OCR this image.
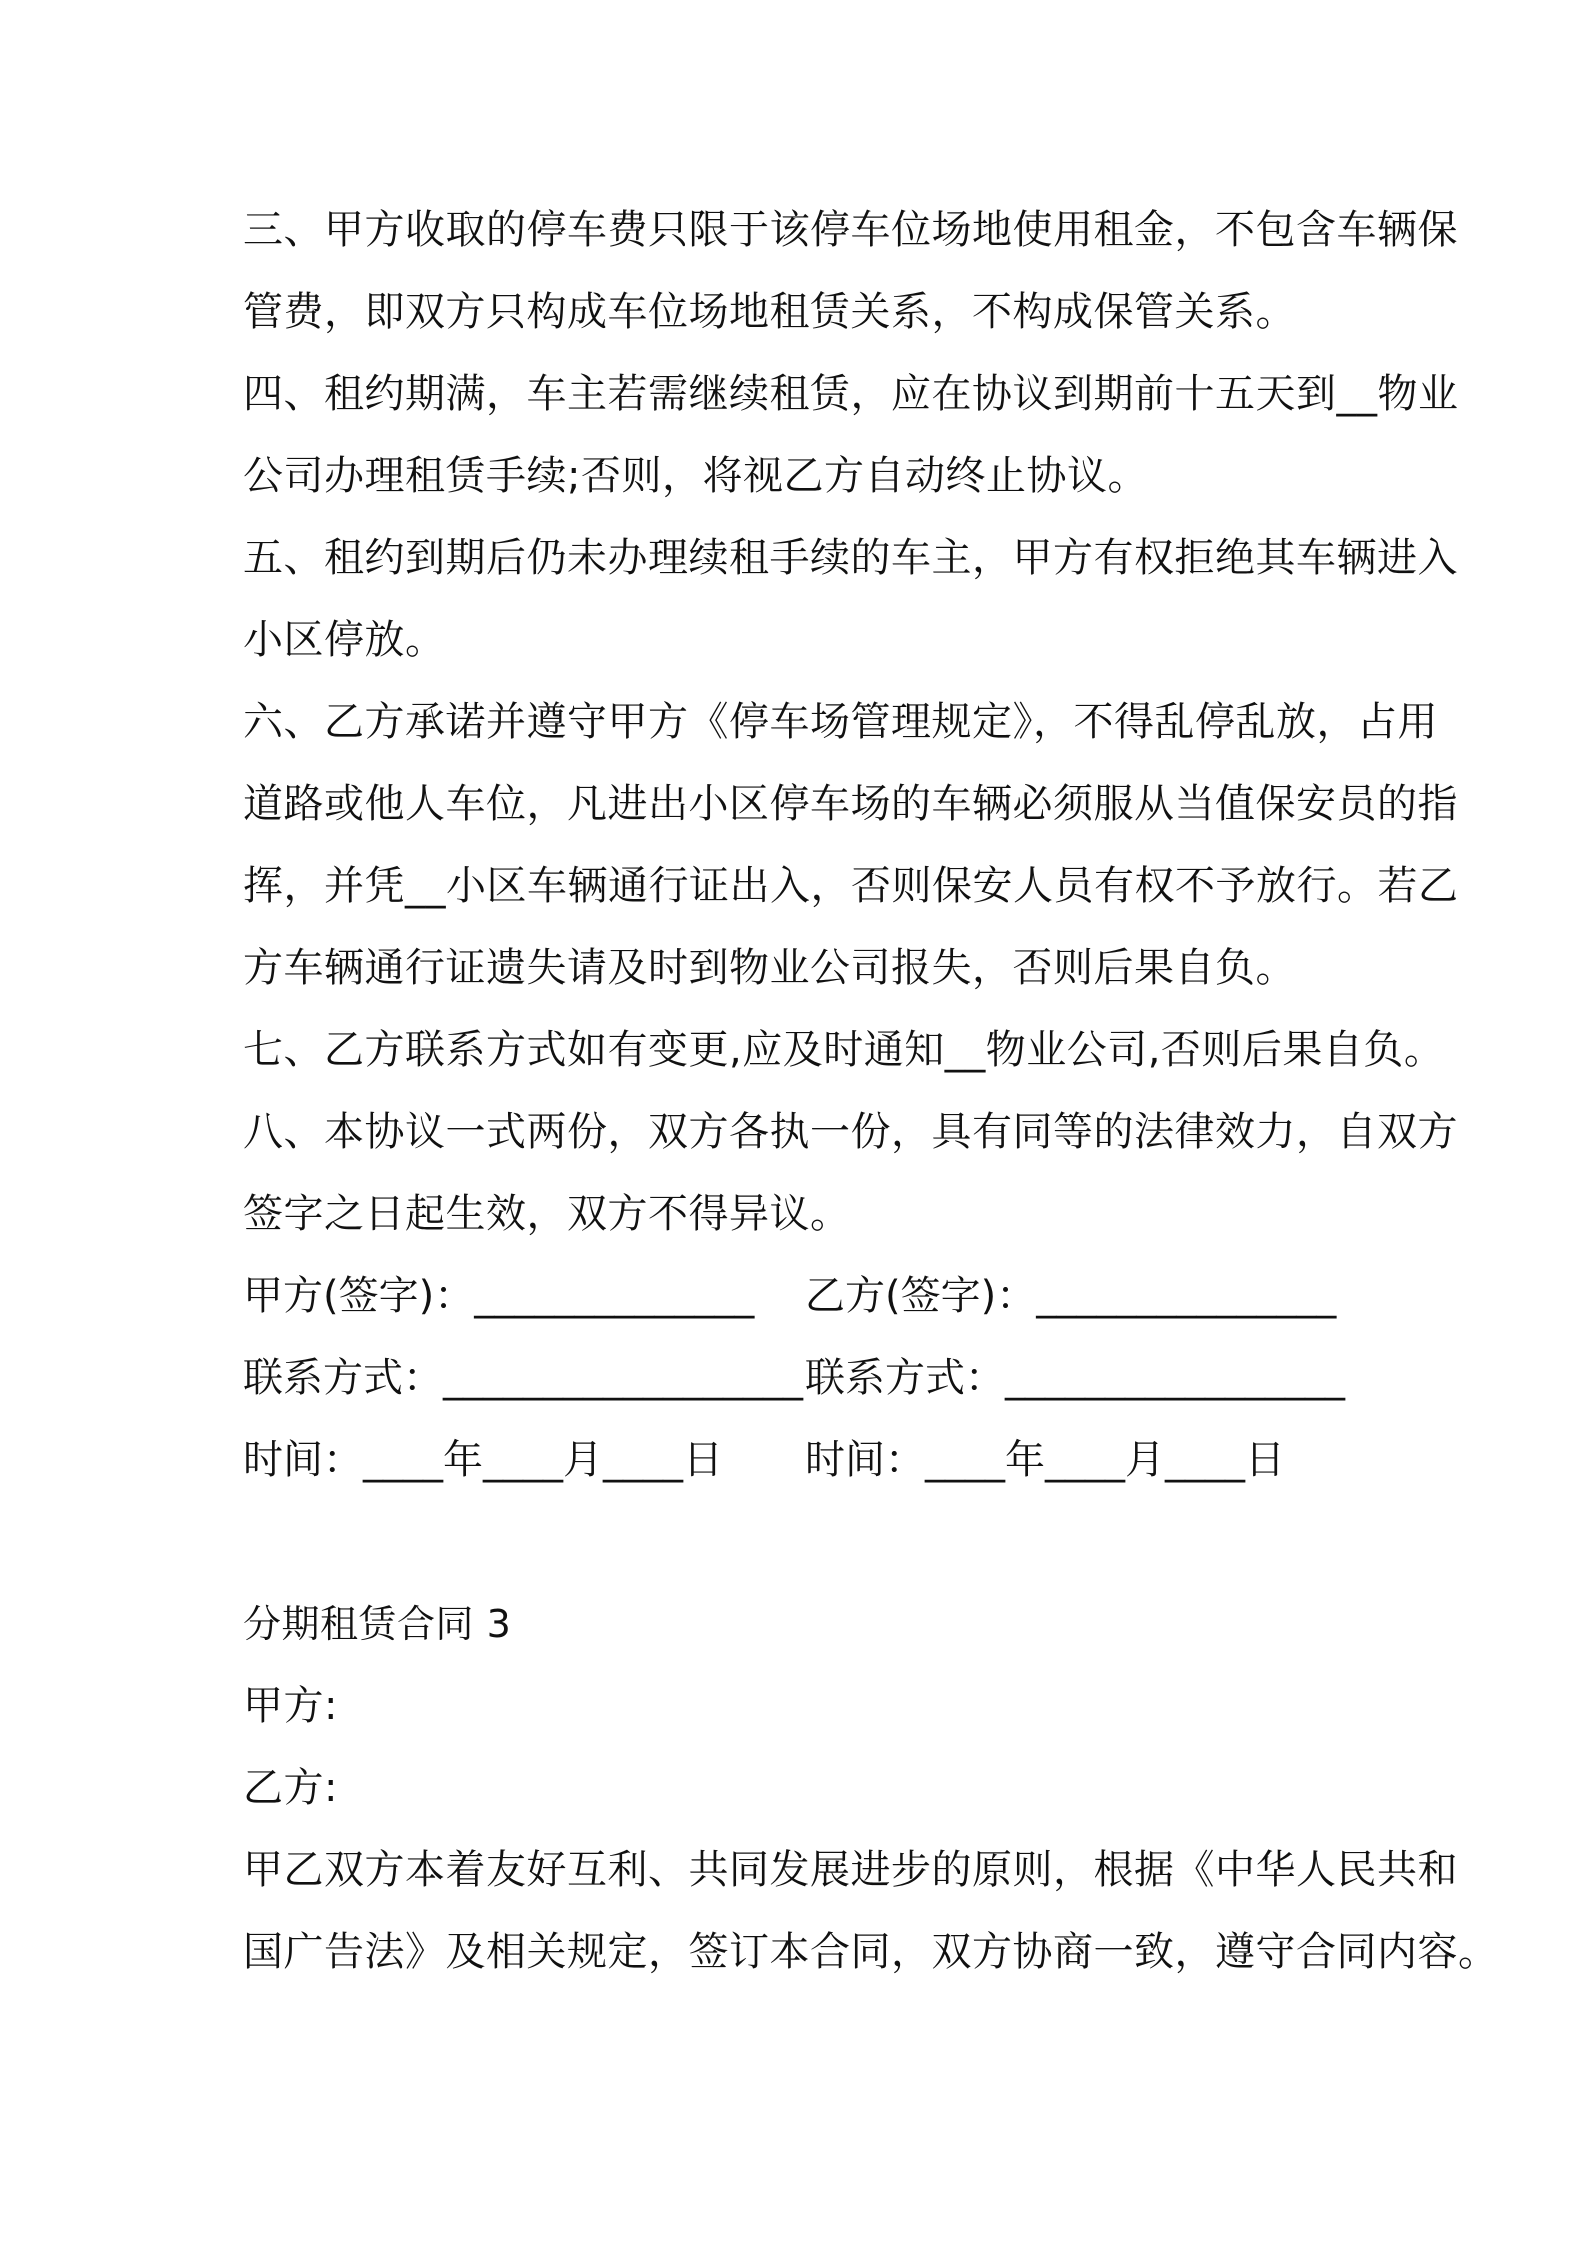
三、甲方收取的停车费只限于该停车位场地使用租金，不包含车辆保
管费，即双方只构成车位场地租赁关系，不构成保管关系。
四、租约期满，车主若需继续租赁，应在协议到期前十五天到__物业
公司办理租赁手续;否则，将视乙方自动终止协议。
五、租约到期后仍未办理续租手续的车主，甲方有权拒绝其车辆进入
小区停放。
六、乙方承诺并遵守甲方《停车场管理规定》，不得乱停乱放，占用
道路或他人车位，凡进出小区停车场的车辆必须服从当值保安员的指
挥，并凭__小区车辆通行证出入，否则保安人员有权不予放行。若乙
方车辆通行证遗失请及时到物业公司报失，否则后果自负。
七、乙方联系方式如有变更,应及时通知__物业公司,否则后果自负。
八、本协议一式两份，双方各执一份，具有同等的法律效力，自双方
签字之日起生效，双方不得异议。
甲方(签字)：______________ 乙方(签字)：_______________
联系方式：__________________ 联系方式：_________________
时间：____年____月____日 时间：____年____月____日
分期租赁合同 3
甲方:
乙方:
甲乙双方本着友好互利、共同发展进步的原则，根据《中华人民共和
国广告法》及相关规定，签订本合同，双方协商一致，遵守合同内容。
